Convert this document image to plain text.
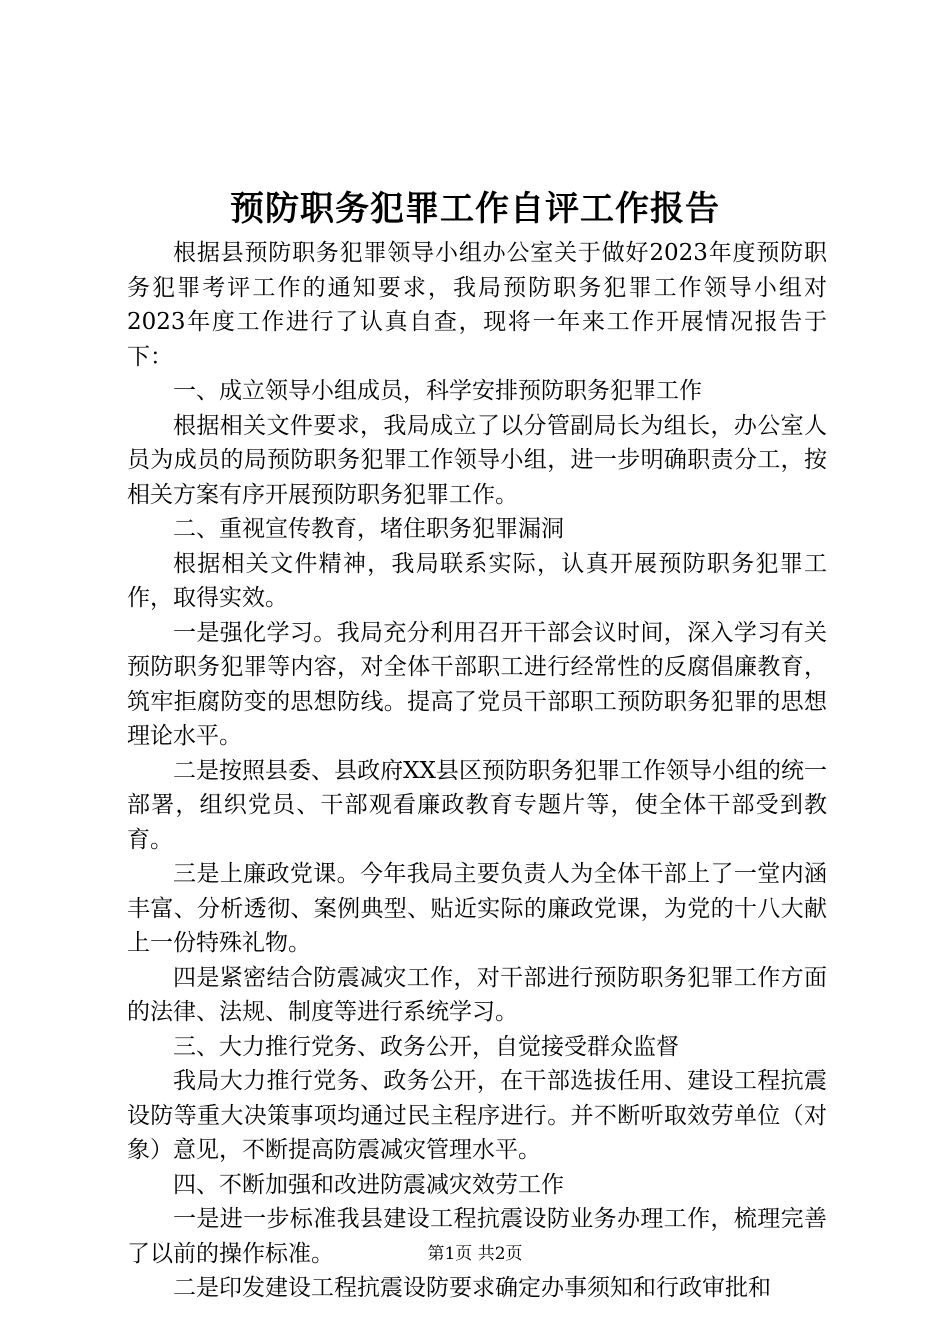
预防职务犯罪工作自评工作报告

根据县预防职务犯罪领导小组办公室关于做好2023年度预防职务犯罪考评工作的通知要求，我局预防职务犯罪工作领导小组对2023年度工作进行了认真自查，现将一年来工作开展情况报告于下：

一、成立领导小组成员，科学安排预防职务犯罪工作

根据相关文件要求，我局成立了以分管副局长为组长，办公室人员为成员的局预防职务犯罪工作领导小组，进一步明确职责分工，按相关方案有序开展预防职务犯罪工作。

二、重视宣传教育，堵住职务犯罪漏洞

根据相关文件精神，我局联系实际，认真开展预防职务犯罪工作，取得实效。

一是强化学习。我局充分利用召开干部会议时间，深入学习有关预防职务犯罪等内容，对全体干部职工进行经常性的反腐倡廉教育，筑牢拒腐防变的思想防线。提高了党员干部职工预防职务犯罪的思想理论水平。

二是按照县委、县政府XX县区预防职务犯罪工作领导小组的统一部署，组织党员、干部观看廉政教育专题片等，使全体干部受到教育。

三是上廉政党课。今年我局主要负责人为全体干部上了一堂内涵丰富、分析透彻、案例典型、贴近实际的廉政党课，为党的十八大献上一份特殊礼物。

四是紧密结合防震减灾工作，对干部进行预防职务犯罪工作方面的法律、法规、制度等进行系统学习。

三、大力推行党务、政务公开，自觉接受群众监督

我局大力推行党务、政务公开，在干部选拔任用、建设工程抗震设防等重大决策事项均通过民主程序进行。并不断听取效劳单位（对象）意见，不断提高防震减灾管理水平。

四、不断加强和改进防震减灾效劳工作

一是进一步标准我县建设工程抗震设防业务办理工作，梳理完善了以前的操作标准。

二是印发建设工程抗震设防要求确定办事须知和行政审批和

第1页 共2页
